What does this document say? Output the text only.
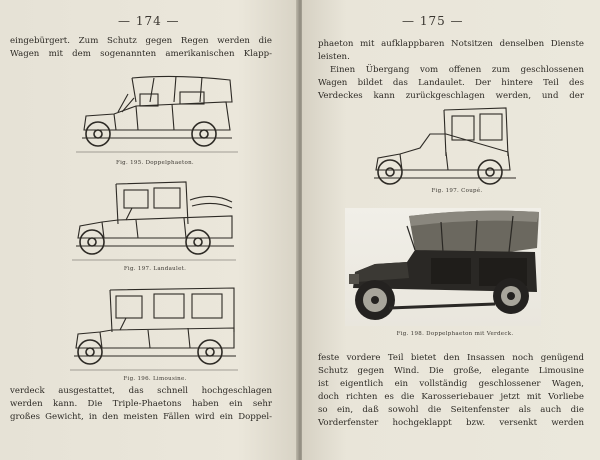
— 174 —
eingebürgert. Zum Schutz gegen Regen werden die
Wagen mit dem sogenannten amerikanischen Klapp-
Fig. 195. Doppelphaeton.
Fig. 197. Landaulet.
Fig. 196. Limousine.
verdeck ausgestattet, das schnell hochgeschlagen
werden kann. Die Triple-Phaetons haben ein sehr
großes Gewicht, in den meisten Fällen wird ein Doppel-
— 175 —
phaeton mit aufklappbaren Notsitzen denselben Dienste
leisten.
Einen Übergang vom offenen zum geschlossenen
Wagen bildet das Landaulet. Der hintere Teil des
Verdeckes kann zurückgeschlagen werden, und der
Fig. 197. Coupé.
Fig. 198. Doppelphaeton mit Verdeck.
feste vordere Teil bietet den Insassen noch genügend
Schutz gegen Wind. Die große, elegante Limousine
ist eigentlich ein vollständig geschlossener Wagen,
doch richten es die Karosseriebauer jetzt mit Vorliebe
so ein, daß sowohl die Seitenfenster als auch die
Vorderfenster hochgeklappt bzw. versenkt werden
